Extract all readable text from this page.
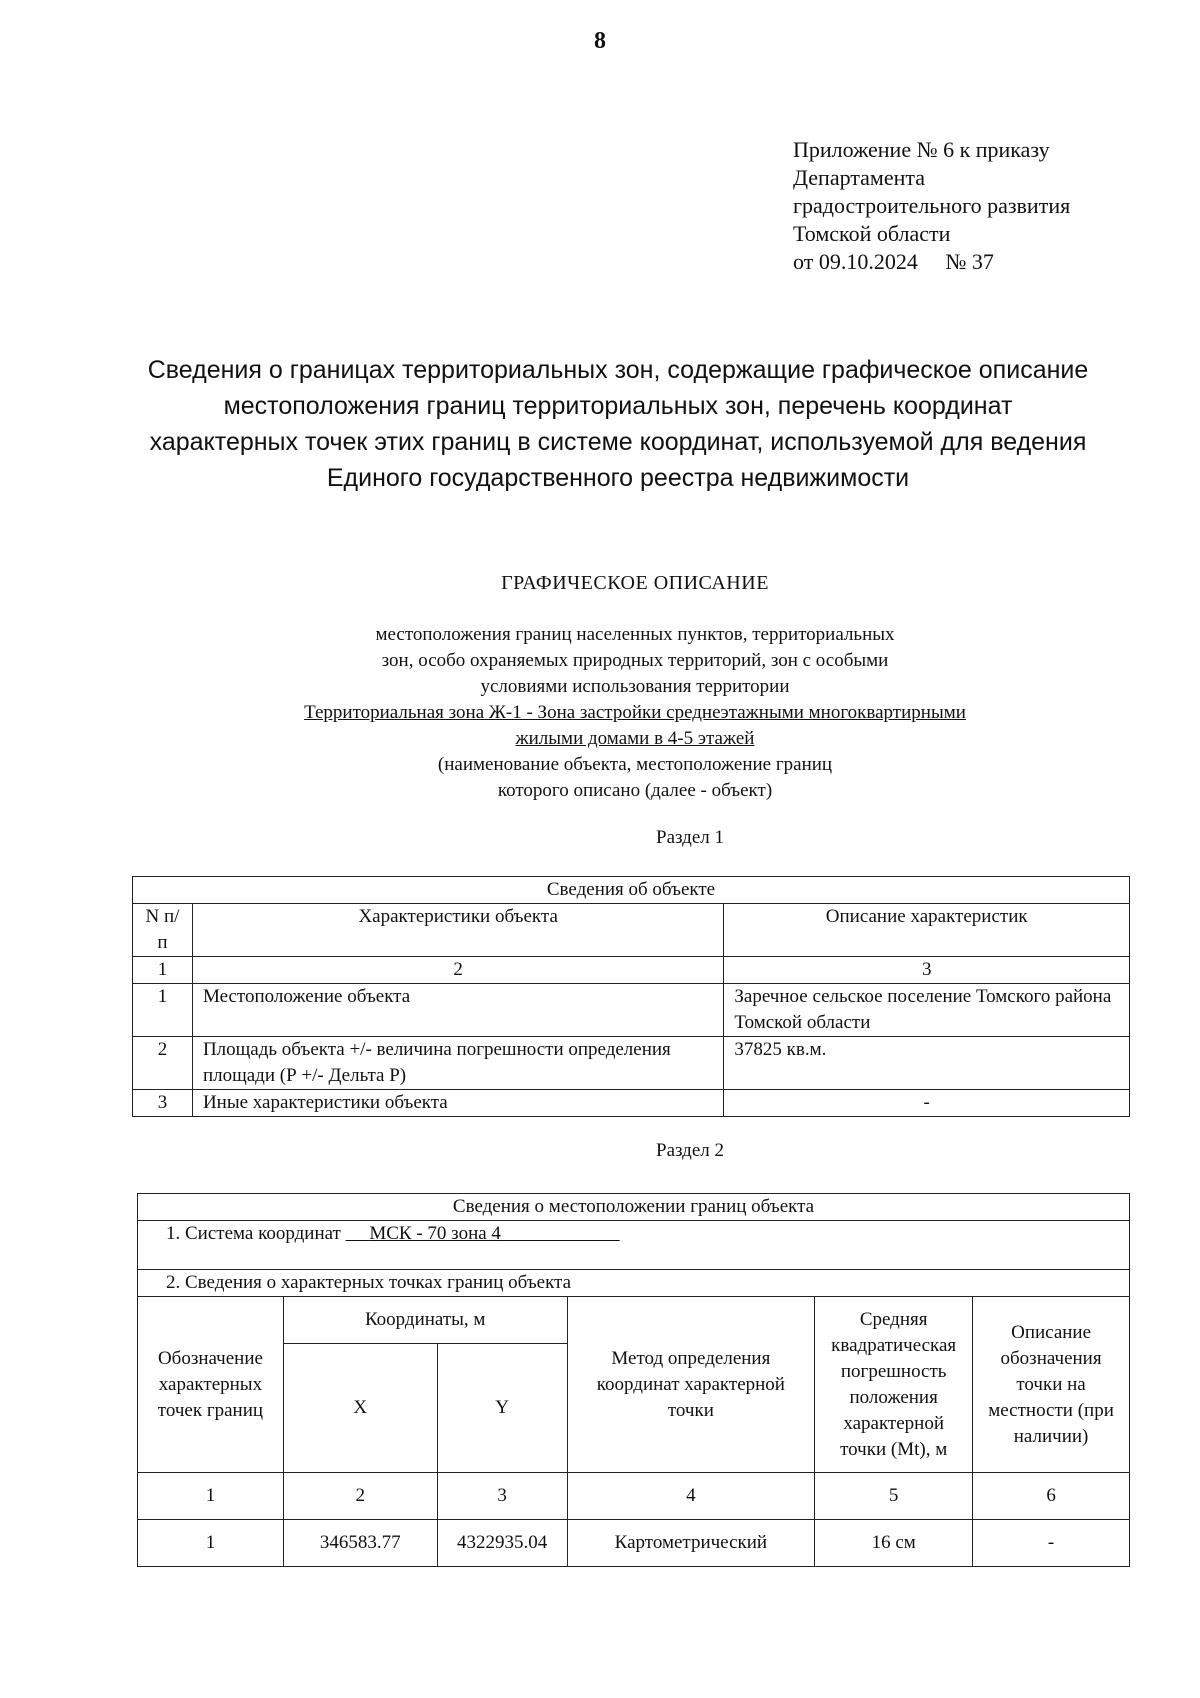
8
Приложение № 6 к приказу
Департамента
градостроительного развития
Томской области
от 09.10.2024     № 37
Сведения о границах территориальных зон, содержащие графическое описание
местоположения границ территориальных зон, перечень координат
характерных точек этих границ в системе координат, используемой для ведения
Единого государственного реестра недвижимости
ГРАФИЧЕСКОЕ ОПИСАНИЕ
местоположения границ населенных пунктов, территориальных
зон, особо охраняемых природных территорий, зон с особыми
условиями использования территории
Территориальная зона Ж-1 - Зона застройки среднеэтажными многоквартирными
жилыми домами в 4-5 этажей
(наименование объекта, местоположение границ
которого описано (далее - объект)
Раздел 1
Сведения об объекте		
N п/п	Характеристики объекта	Описание характеристик
1	2	3
1	Местоположение объекта	Заречное сельское поселение Томского района Томской области
2	Площадь объекта +/- величина погрешности определения площади (Р +/- Дельта Р)	37825 кв.м.
3	Иные характеристики объекта	-
Раздел 2
Сведения о местоположении границ объекта					
1. Система координат      МСК - 70 зона 4					
2. Сведения о характерных точках границ объекта					
Обозначение характерных точек границ	Координаты, м		Метод определения координат характерной точки	Средняя квадратическая погрешность положения характерной точки (Mt), м	Описание обозначения точки на местности (при наличии)
	X	Y			
1	2	3	4	5	6
1	346583.77	4322935.04	Картометрический	16 см	-
